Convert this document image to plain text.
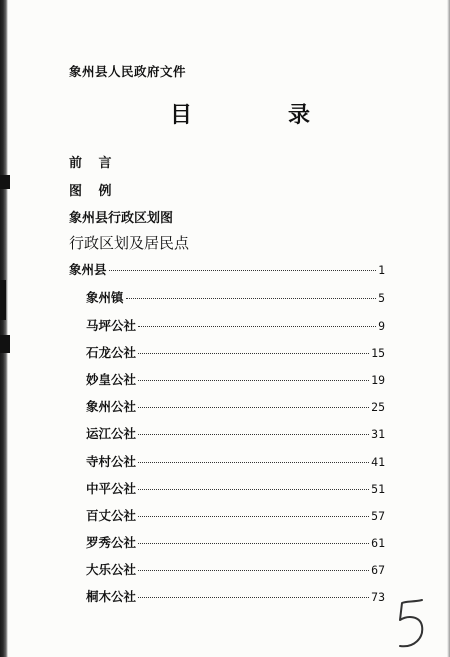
象州县人民政府文件
目	录
前 言
图 例
象州县行政区划图
行政区划及居民点
象州县	1
象州镇	5
马坪公社	9
石龙公社	15
妙皇公社	19
象州公社	25
运江公社	31
寺村公社	41
中平公社	51
百丈公社	57
罗秀公社	61
大乐公社	67
桐木公社	73
